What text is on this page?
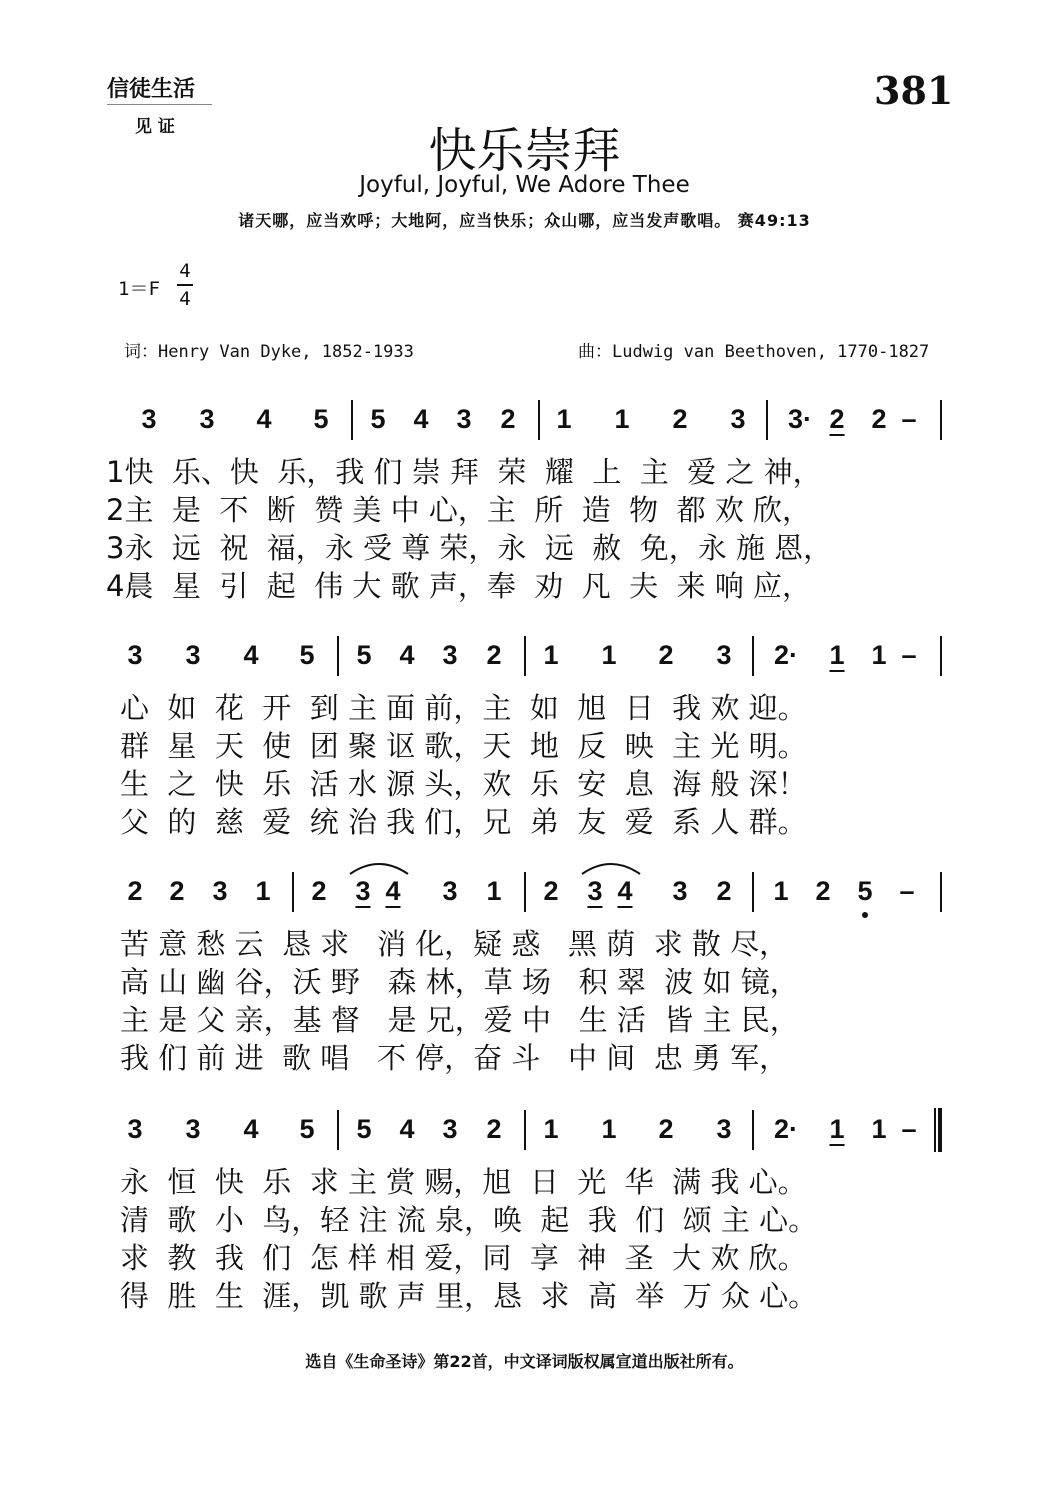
信徒生活
见 证
381
快乐崇拜
Joyful, Joyful, We Adore Thee
诸天哪，应当欢呼；大地阿，应当快乐；众山哪，应当发声歌唱。 赛49:13
1＝F
4
4
词：Henry Van Dyke, 1852-1933	曲：Ludwig van Beethoven, 1770-1827
3 3 4 5 5 4 3 2 1 1 2 3 3· 2 2 –
1快  乐、快  乐，我 们 崇 拜  荣  耀  上  主  爱 之 神，
2主  是  不  断  赞 美 中 心，主  所  造  物  都 欢 欣，
3永  远  祝  福，永 受 尊 荣，永  远  赦  免，永 施 恩，
4晨  星  引  起  伟 大 歌 声，奉  劝  凡  夫  来 响 应，
3 3 4 5 5 4 3 2 1 1 2 3 2· 1 1 –
心  如  花  开  到 主 面 前，主  如  旭  日  我 欢 迎。
群  星  天  使  团 聚 讴 歌，天  地  反  映  主 光 明。
生  之  快  乐  活 水 源 头，欢  乐  安  息  海 般 深！
父  的  慈  爱  统 治 我 们，兄  弟  友  爱  系 人 群。
2 2 3 1 2 3 4 3 1 2 3 4 3 2 1 2 5 –
苦 意 愁 云  恳 求   消 化，疑 惑   黑 荫  求 散 尽，
高 山 幽 谷，沃 野   森 林，草 场   积 翠  波 如 镜，
主 是 父 亲，基 督   是 兄，爱 中   生 活  皆 主 民，
我 们 前 进  歌 唱   不 停，奋 斗   中 间  忠 勇 军，
3 3 4 5 5 4 3 2 1 1 2 3 2· 1 1 –
永  恒  快  乐  求 主 赏 赐，旭  日  光  华  满 我 心。
清  歌  小  鸟，轻 注 流 泉，唤  起  我  们  颂 主 心。
求  教  我  们  怎 样 相 爱，同  享  神  圣  大 欢 欣。
得  胜  生  涯，凯 歌 声 里，恳  求  高  举  万 众 心。
选自《生命圣诗》第22首，中文译词版权属宣道出版社所有。
